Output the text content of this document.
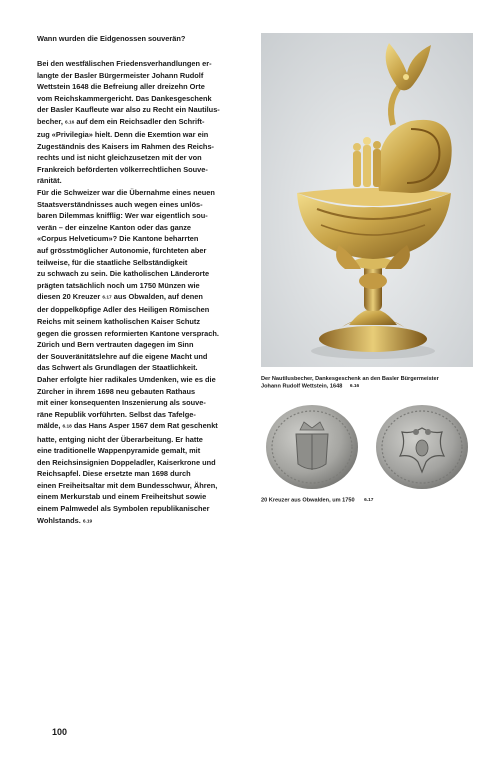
Wann wurden die Eidgenossen souverän?

Bei den westfälischen Friedensverhandlungen er-

langte der Basler Bürgermeister Johann Rudolf

Wettstein 1648 die Befreiung aller dreizehn Orte

vom Reichskammergericht. Das Dankesgeschenk

der Basler Kaufleute war also zu Recht ein Nautilus-

becher, 6.16 auf dem ein Reichsadler den Schrift-

zug «Privilegia» hielt. Denn die Exemtion war ein

Zugeständnis des Kaisers im Rahmen des Reichs-

rechts und ist nicht gleichzusetzen mit der von

Frankreich beförderten völkerrechtlichen Souve-

ränität.

Für die Schweizer war die Übernahme eines neuen

Staatsverständnisses auch wegen eines unlös-

baren Dilemmas knifflig: Wer war eigentlich sou-

verän – der einzelne Kanton oder das ganze

«Corpus Helveticum»? Die Kantone beharrten

auf grösstmöglicher Autonomie, fürchteten aber

teilweise, für die staatliche Selbständigkeit

zu schwach zu sein. Die katholischen Länderorte

prägten tatsächlich noch um 1750 Münzen wie

diesen 20 Kreuzer 6.17 aus Obwalden, auf denen

der doppelköpfige Adler des Heiligen Römischen

Reichs mit seinem katholischen Kaiser Schutz

gegen die grossen reformierten Kantone versprach.

Zürich und Bern vertrauten dagegen im Sinn

der Souveränitätslehre auf die eigene Macht und

das Schwert als Grundlagen der Staatlichkeit.

Daher erfolgte hier radikales Umdenken, wie es die

Zürcher in ihrem 1698 neu gebauten Rathaus

mit einer konsequenten Inszenierung als souve-

räne Republik vorführten. Selbst das Tafelge-

mälde, 6.18 das Hans Asper 1567 dem Rat geschenkt

hatte, entging nicht der Überarbeitung. Er hatte

eine traditionelle Wappenpyramide gemalt, mit

den Reichsinsignien Doppeladler, Kaiserkrone und

Reichsapfel. Diese ersetzte man 1698 durch

einen Freiheitsaltar mit dem Bundesschwur, Ähren,

einem Merkurstab und einem Freiheitshut sowie

einem Palmwedel als Symbolen republikanischer

Wohlstands. 6.19

Der Nautilusbecher, Dankesgeschenk an den Basler Bürgermeister
Johann Rudolf Wettstein, 1648 6.16
20 Kreuzer aus Obwalden, um 1750 6.17
100
